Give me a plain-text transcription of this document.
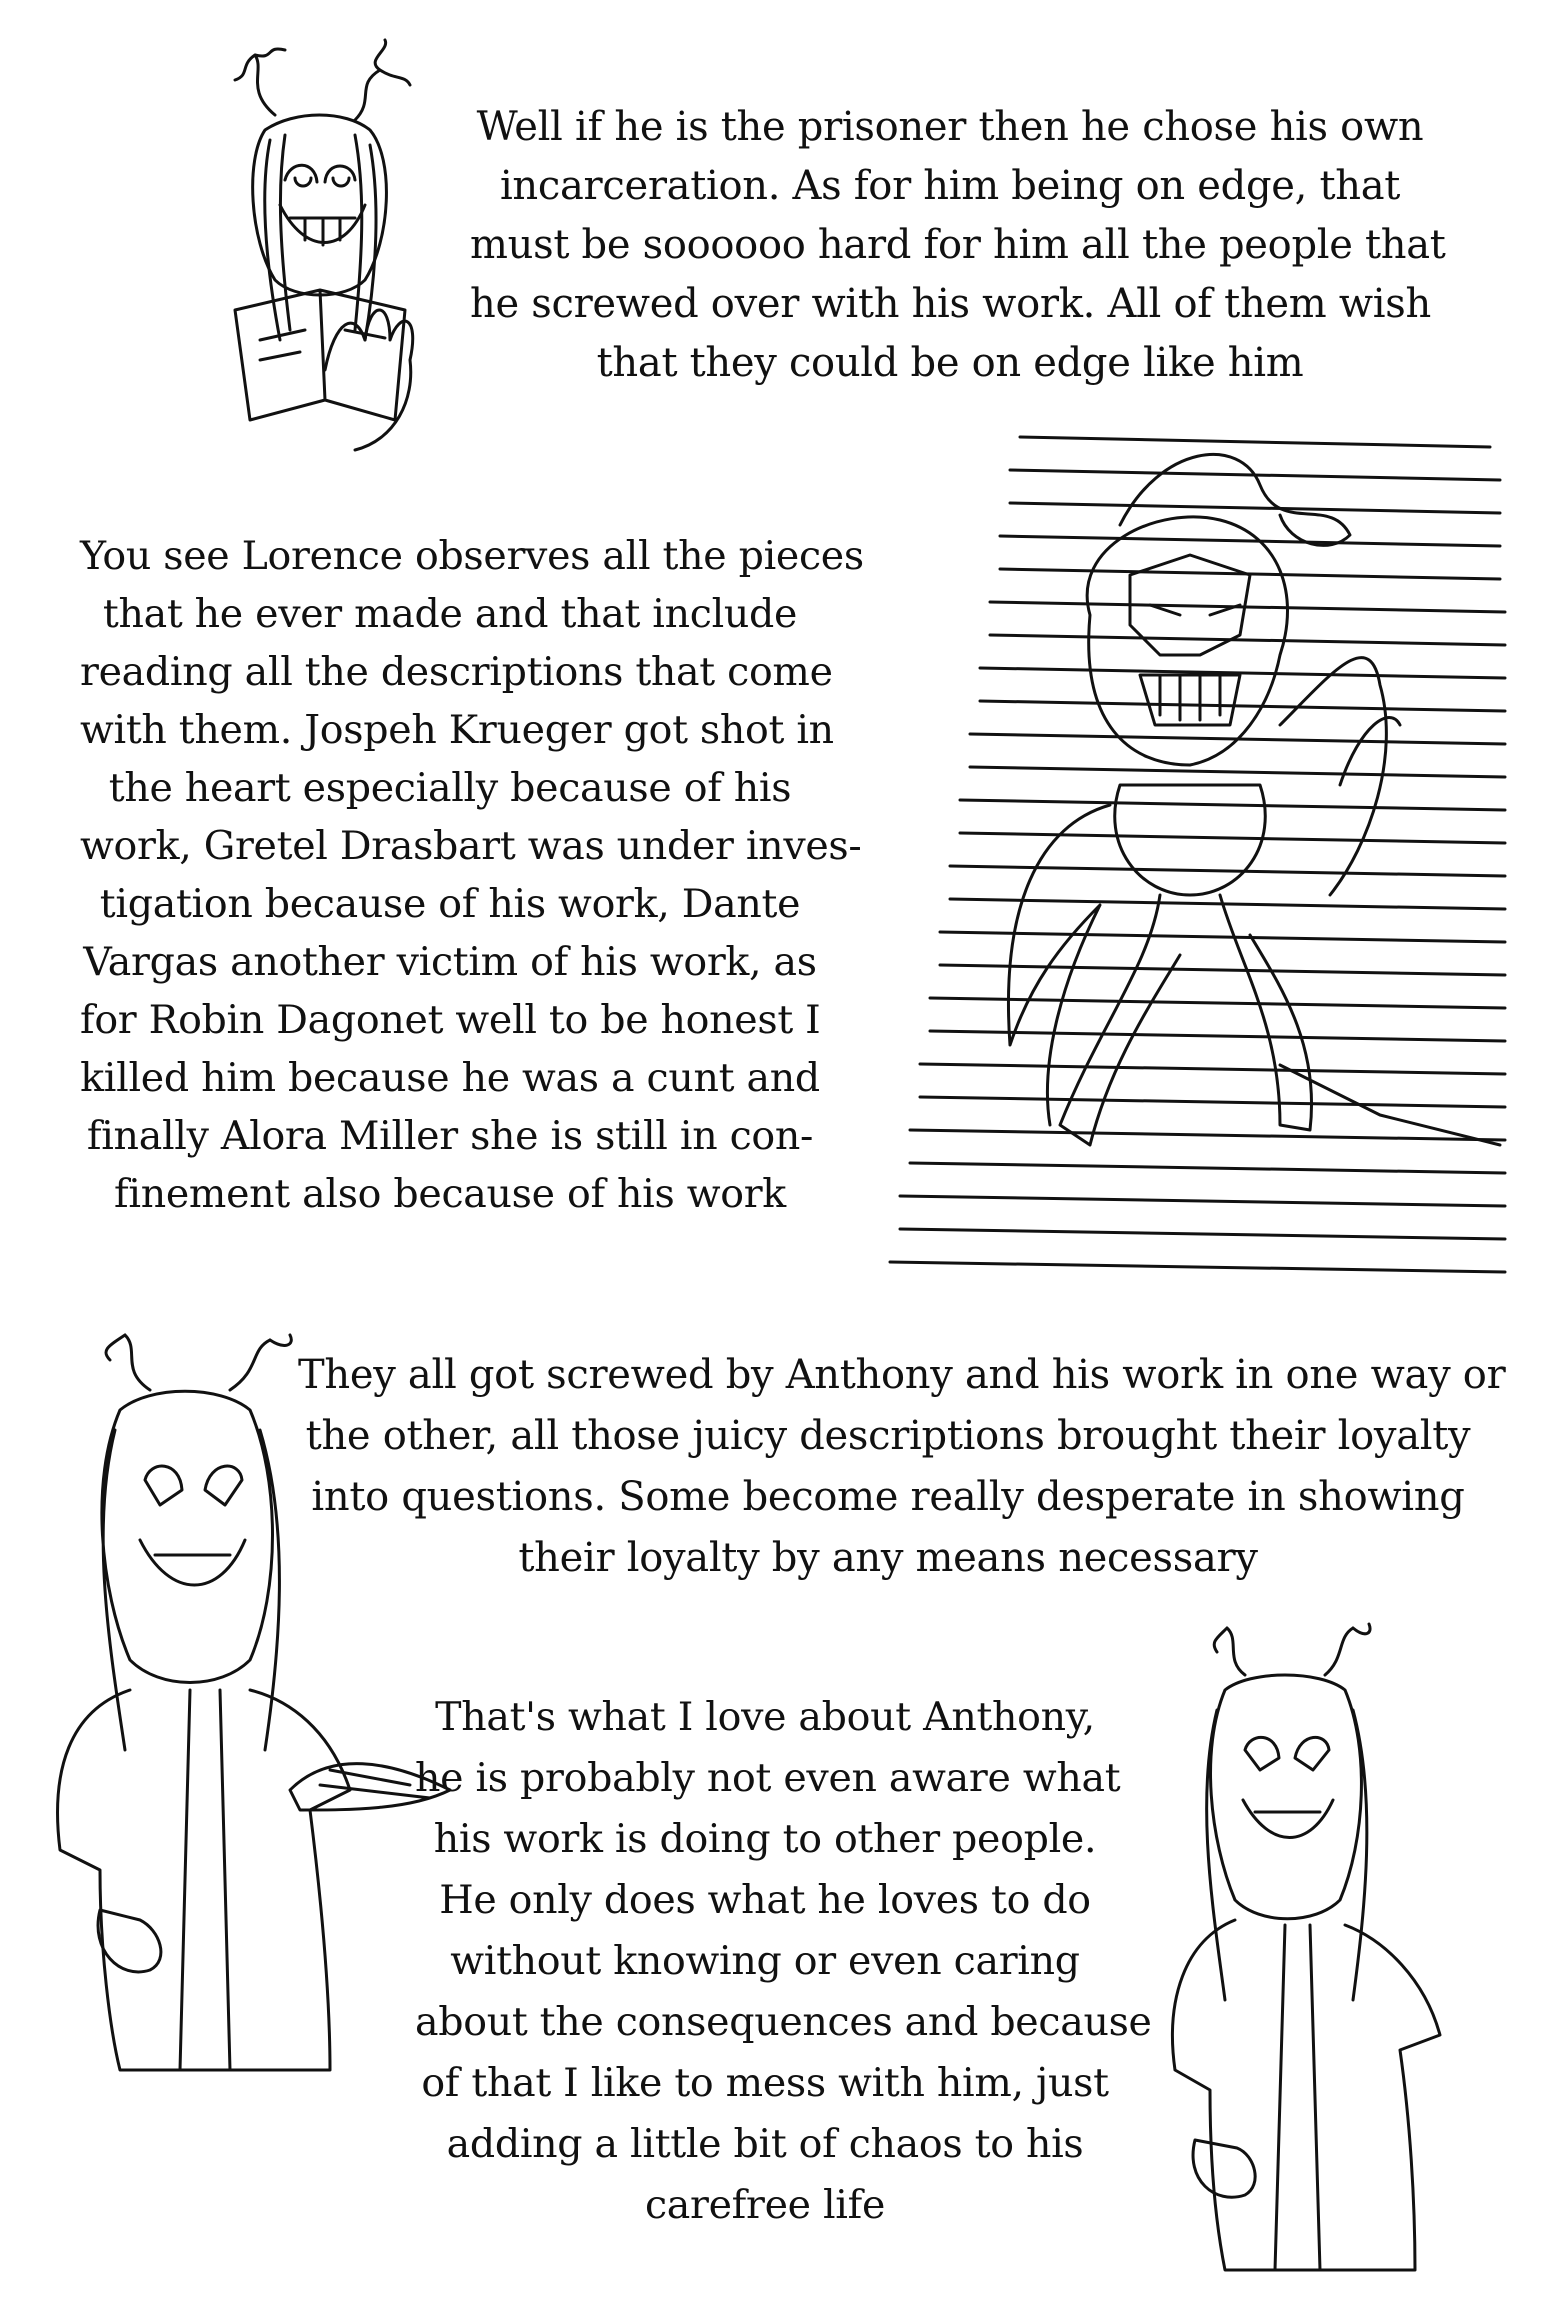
Well if he is the prisoner then he chose his own
incarceration. As for him being on edge, that
must be soooooo hard for him all the people that
he screwed over with his work. All of them wish
that they could be on edge like him
You see Lorence observes all the pieces
that he ever made and that include
reading all the descriptions that come
with them. Jospeh Krueger got shot in
the heart especially because of his
work, Gretel Drasbart was under inves-
tigation because of his work, Dante
Vargas another victim of his work, as
for Robin Dagonet well to be honest I
killed him because he was a cunt and
finally Alora Miller she is still in con-
finement also because of his work
They all got screwed by Anthony and his work in one way or
the other, all those juicy descriptions brought their loyalty
into questions. Some become really desperate in showing
their loyalty by any means necessary
That's what I love about Anthony,
he is probably not even aware what
his work is doing to other people.
He only does what he loves to do
without knowing or even caring
about the consequences and because
of that I like to mess with him, just
adding a little bit of chaos to his
carefree life
